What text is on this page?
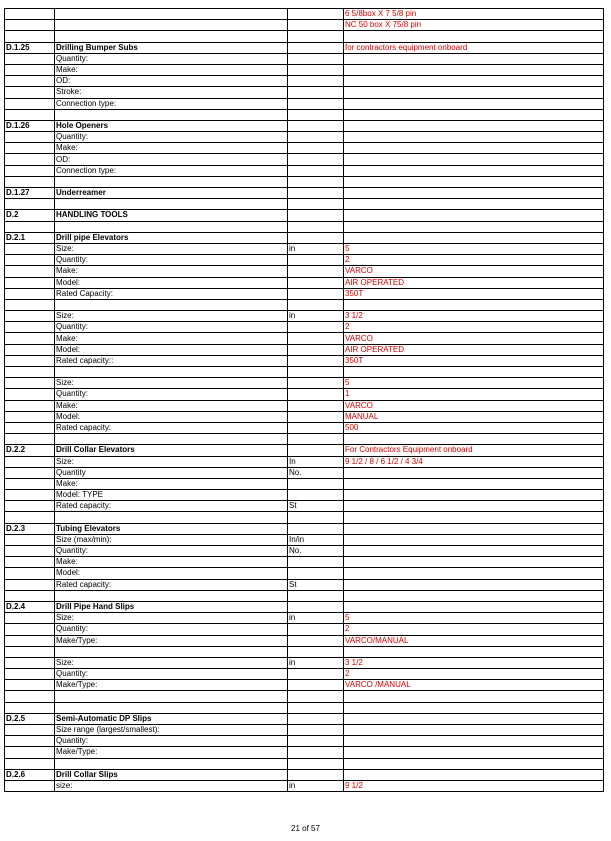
			6 5/8box X 7 5/8 pin
			NC 50 box X 75/8 pin

D.1.25	Drilling Bumper Subs		for contractors equipment onboard
	Quantity:		
	Make:		
	OD:		
	Stroke:		
	Connection type:		

D.1.26	Hole Openers		
	Quantity:		
	Make:		
	OD:		
	Connection type:		

D.1.27	Underreamer		

D.2	HANDLING TOOLS		

D.2.1	Drill pipe Elevators		
	Size:	in	5
	Quantity:		2
	Make:		VARCO
	Model:		AIR OPERATED
	Rated Capacity:		350T

	Size:	in	3 1/2
	Quantity:		2
	Make:		VARCO
	Model:		AIR OPERATED
	Rated capacity::		350T

	Size:		5
	Quantity:		1
	Make:		VARCO
	Model:		MANUAL
	Rated capacity:		500

D.2.2	Drill Collar Elevators		For Contractors Equipment onboard
	Size:	In	9 1/2 / 8 / 6 1/2 / 4 3/4
	Quantity	No.	
	Make:		
	Model: TYPE		
	Rated capacity:	St	

D.2.3	Tubing Elevators		
	Size (max/min):	In/in	
	Quantity:	No.	
	Make:		
	Model:		
	Rated capacity:	St	

D.2.4	Drill Pipe Hand Slips		
	Size:	in	5
	Quantity:		2
	Make/Type:		VARCO/MANUAL

	Size:	in	3 1/2
	Quantity:		2
	Make/Type:		VARCO /MANUAL

D.2.5	Semi-Automatic DP Slips		
	Size range (largest/smallest):		
	Quantity:		
	Make/Type:		

D.2.6	Drill Collar Slips		
	size:	in	9 1/2
21 of 57
